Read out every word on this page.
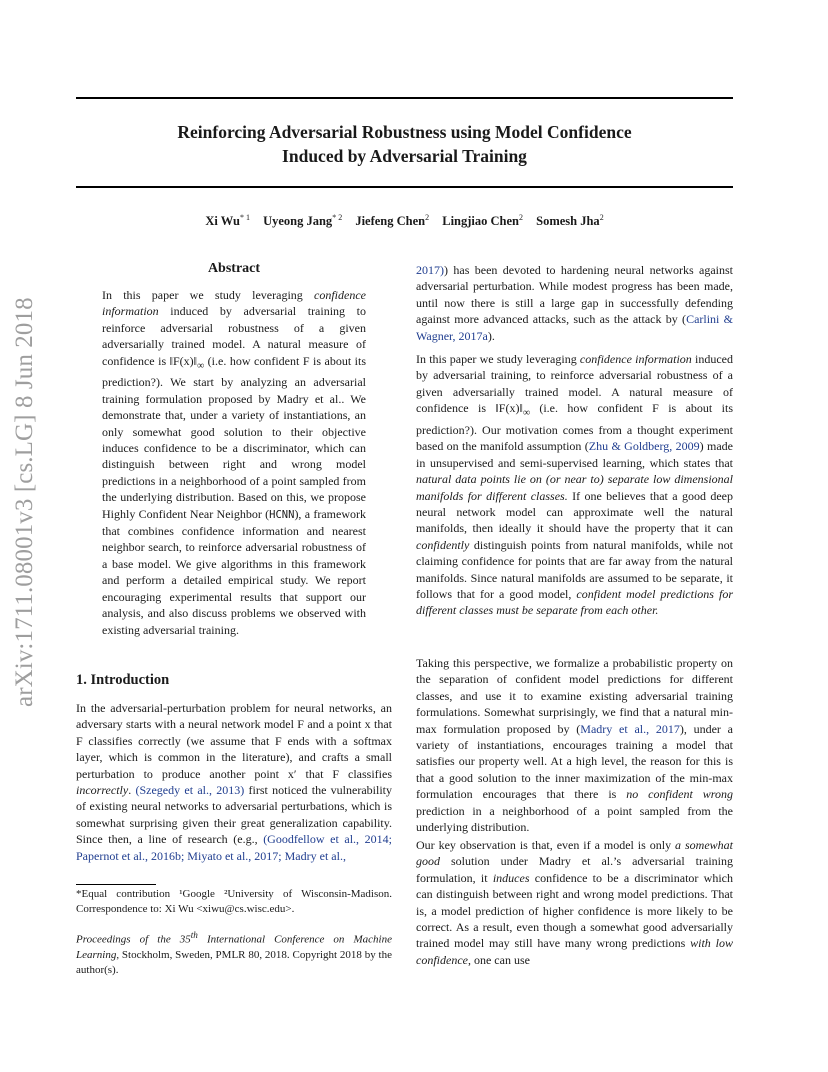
Reinforcing Adversarial Robustness using Model Confidence
Induced by Adversarial Training
Xi Wu$^{* 1}$ Uyeong Jang$^{* 2}$ Jiefeng Chen$^2$ Lingjiao Chen$^2$ Somesh Jha$^2$
arXiv:1711.08001v3 [cs.LG] 8 Jun 2018
Abstract
In this paper we study leveraging confidence information induced by adversarial training to reinforce adversarial robustness of a given adversarially trained model. A natural measure of confidence is $‖F(x)‖_\infty$ (i.e. how confident F is about its prediction?). We start by analyzing an adversarial training formulation proposed by Madry et al.. We demonstrate that, under a variety of instantiations, an only somewhat good solution to their objective induces confidence to be a discriminator, which can distinguish between right and wrong model predictions in a neighborhood of a point sampled from the underlying distribution. Based on this, we propose Highly Confident Near Neighbor (HCNN), a framework that combines confidence information and nearest neighbor search, to reinforce adversarial robustness of a base model. We give algorithms in this framework and perform a detailed empirical study. We report encouraging experimental results that support our analysis, and also discuss problems we observed with existing adversarial training.
1. Introduction
In the adversarial-perturbation problem for neural networks, an adversary starts with a neural network model F and a point x that F classifies correctly (we assume that F ends with a softmax layer, which is common in the literature), and crafts a small perturbation to produce another point x′ that F classifies incorrectly. (Szegedy et al., 2013) first noticed the vulnerability of existing neural networks to adversarial perturbations, which is somewhat surprising given their great generalization capability. Since then, a line of research (e.g., (Goodfellow et al., 2014; Papernot et al., 2016b; Miyato et al., 2017; Madry et al.,
*Equal contribution ¹Google ²University of Wisconsin-Madison. Correspondence to: Xi Wu <xiwu@cs.wisc.edu>.
Proceedings of the 35th International Conference on Machine Learning, Stockholm, Sweden, PMLR 80, 2018. Copyright 2018 by the author(s).

2017)) has been devoted to hardening neural networks against adversarial perturbation. While modest progress has been made, until now there is still a large gap in successfully defending against more advanced attacks, such as the attack by (Carlini & Wagner, 2017a).

In this paper we study leveraging confidence information induced by adversarial training, to reinforce adversarial robustness of a given adversarially trained model. A natural measure of confidence is $‖F(x)‖_\infty$ (i.e. how confident F is about its prediction?). Our motivation comes from a thought experiment based on the manifold assumption (Zhu & Goldberg, 2009) made in unsupervised and semi-supervised learning, which states that natural data points lie on (or near to) separate low dimensional manifolds for different classes. If one believes that a good deep neural network model can approximate well the natural manifolds, then ideally it should have the property that it can confidently distinguish points from natural manifolds, while not claiming confidence for points that are far away from the natural manifolds. Since natural manifolds are assumed to be separate, it follows that for a good model, confident model predictions for different classes must be separate from each other.

Taking this perspective, we formalize a probabilistic property on the separation of confident model predictions for different classes, and use it to examine existing adversarial training formulations. Somewhat surprisingly, we find that a natural min-max formulation proposed by (Madry et al., 2017), under a variety of instantiations, encourages training a model that satisfies our property well. At a high level, the reason for this is that a good solution to the inner maximization of the min-max formulation encourages that there is no confident wrong prediction in a neighborhood of a point sampled from the underlying distribution.

Our key observation is that, even if a model is only a somewhat good solution under Madry et al.’s adversarial training formulation, it induces confidence to be a discriminator which can distinguish between right and wrong model predictions. That is, a model prediction of higher confidence is more likely to be correct. As a result, even though a somewhat good adversarially trained model may still have many wrong predictions with low confidence, one can use
